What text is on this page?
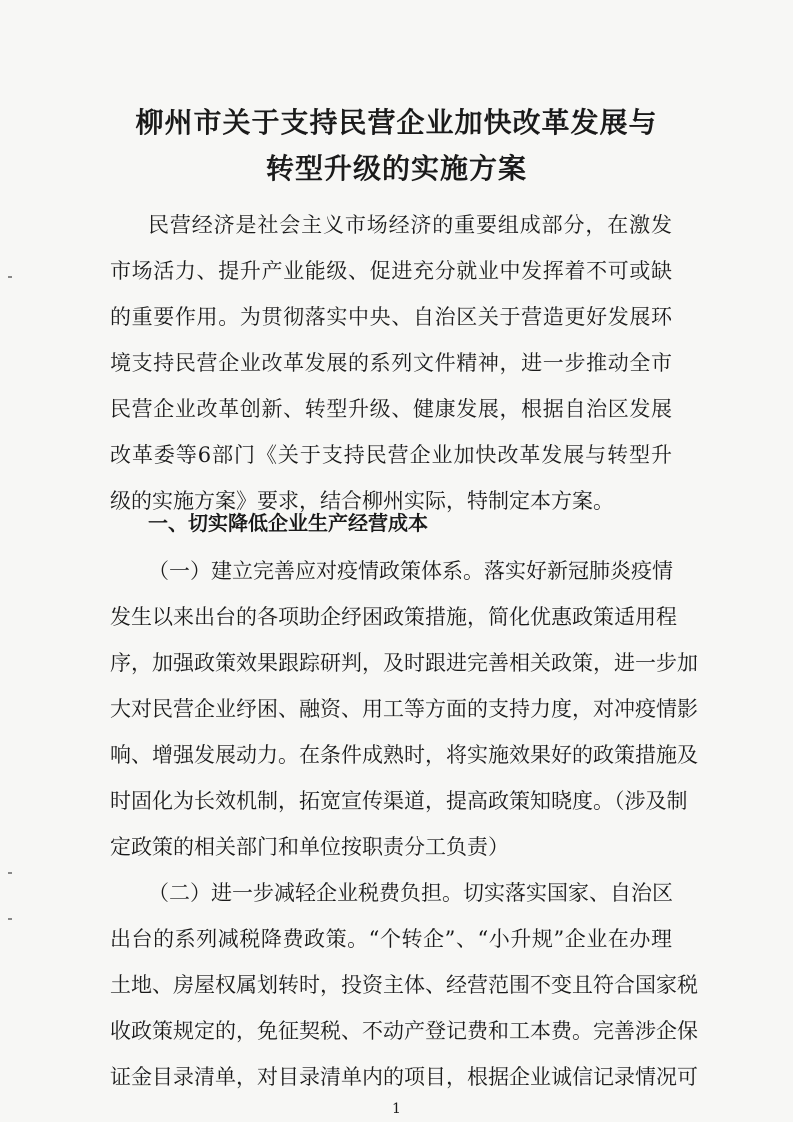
柳州市关于支持民营企业加快改革发展与
转型升级的实施方案
民营经济是社会主义市场经济的重要组成部分，在激发
市场活力、提升产业能级、促进充分就业中发挥着不可或缺
的重要作用。为贯彻落实中央、自治区关于营造更好发展环
境支持民营企业改革发展的系列文件精神，进一步推动全市
民营企业改革创新、转型升级、健康发展，根据自治区发展
改革委等6部门《关于支持民营企业加快改革发展与转型升
级的实施方案》要求，结合柳州实际，特制定本方案。
一、切实降低企业生产经营成本
（一）建立完善应对疫情政策体系。落实好新冠肺炎疫情
发生以来出台的各项助企纾困政策措施，简化优惠政策适用程
序，加强政策效果跟踪研判，及时跟进完善相关政策，进一步加
大对民营企业纾困、融资、用工等方面的支持力度，对冲疫情影
响、增强发展动力。在条件成熟时，将实施效果好的政策措施及
时固化为长效机制，拓宽宣传渠道，提高政策知晓度。（涉及制
定政策的相关部门和单位按职责分工负责）
（二）进一步减轻企业税费负担。切实落实国家、自治区
出台的系列减税降费政策。“个转企”、“小升规”企业在办理
土地、房屋权属划转时，投资主体、经营范围不变且符合国家税
收政策规定的，免征契税、不动产登记费和工本费。完善涉企保
证金目录清单，对目录清单内的项目，根据企业诚信记录情况可
1
